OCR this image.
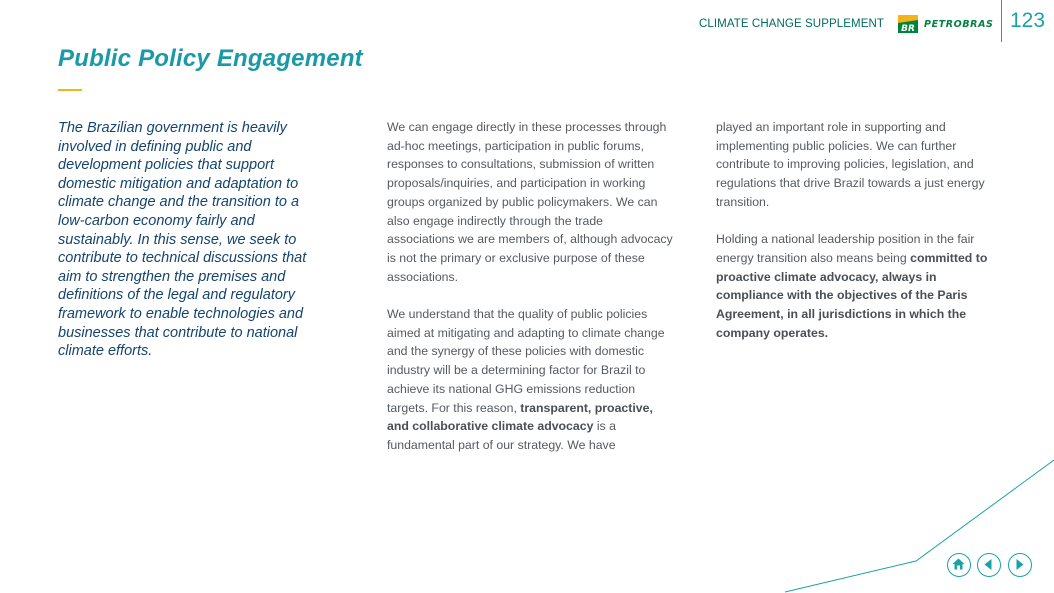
CLIMATE CHANGE SUPPLEMENT BR PETROBRAS 123
Public Policy Engagement

The Brazilian government is heavily involved in defining public and development policies that support domestic mitigation and adaptation to climate change and the transition to a low-carbon economy fairly and sustainably. In this sense, we seek to contribute to technical discussions that aim to strengthen the premises and definitions of the legal and regulatory framework to enable technologies and businesses that contribute to national climate efforts.

We can engage directly in these processes through ad-hoc meetings, participation in public forums, responses to consultations, submission of written proposals/inquiries, and participation in working groups organized by public policymakers. We can also engage indirectly through the trade associations we are members of, although advocacy is not the primary or exclusive purpose of these associations.

We understand that the quality of public policies aimed at mitigating and adapting to climate change and the synergy of these policies with domestic industry will be a determining factor for Brazil to achieve its national GHG emissions reduction targets. For this reason, transparent, proactive, and collaborative climate advocacy is a fundamental part of our strategy. We have

played an important role in supporting and implementing public policies. We can further contribute to improving policies, legislation, and regulations that drive Brazil towards a just energy transition.

Holding a national leadership position in the fair energy transition also means being committed to proactive climate advocacy, always in compliance with the objectives of the Paris Agreement, in all jurisdictions in which the company operates.
